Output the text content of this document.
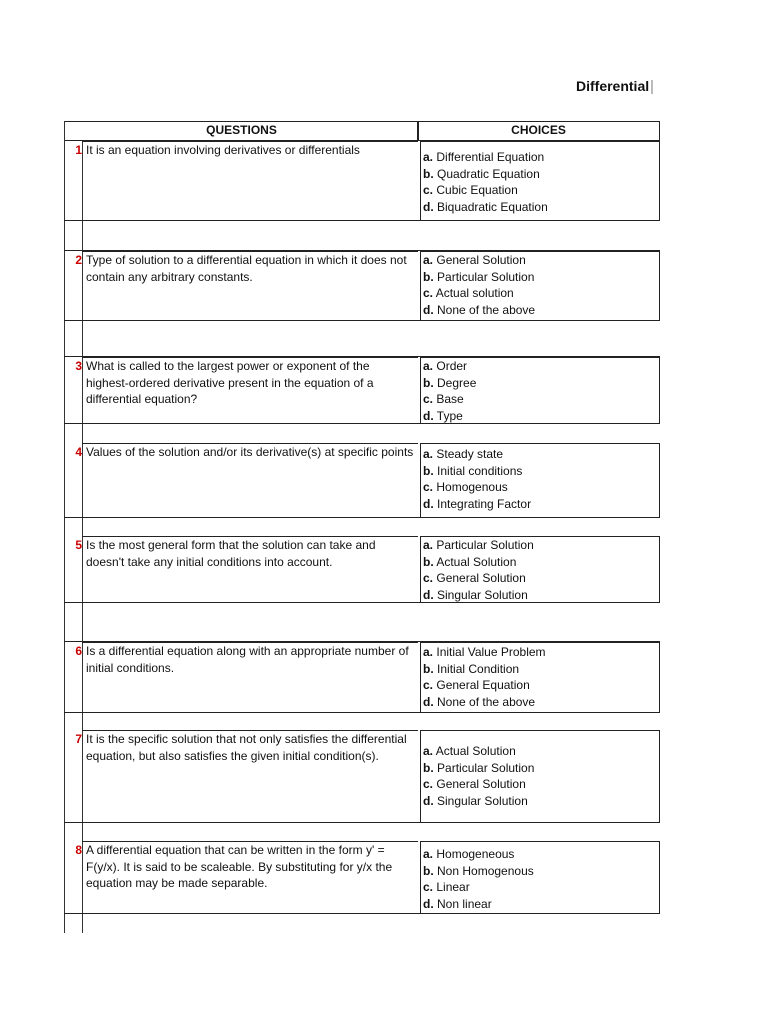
Differential
QUESTIONS	CHOICES
1 It is an equation involving derivatives or differentials	a. Differential Equation
b. Quadratic Equation
c. Cubic Equation
d. Biquadratic Equation
2 Type of solution to a differential equation in which it does not contain any arbitrary constants.
a. General Solution
b. Particular Solution
c. Actual solution
d. None of the above
3 What is called to the largest power or exponent of the highest-ordered derivative present in the equation of a differential equation?
a. Order
b. Degree
c. Base
d. Type
4 Values of the solution and/or its derivative(s) at specific points a. Steady state
b. Initial conditions
c. Homogenous
d. Integrating Factor
5 Is the most general form that the solution can take and doesn't take any initial conditions into account.
a. Particular Solution
b. Actual Solution
c. General Solution
d. Singular Solution
6 Is a differential equation along with an appropriate number of initial conditions.
a. Initial Value Problem
b. Initial Condition
c. General Equation
d. None of the above
7 It is the specific solution that not only satisfies the differential equation, but also satisfies the given initial condition(s).	a. Actual Solution
b. Particular Solution
c. General Solution
d. Singular Solution
8 A differential equation that can be written in the form y' = F(y/x). It is said to be scaleable. By substituting for y/x the equation may be made separable.
a. Homogeneous
b. Non Homogenous
c. Linear
d. Non linear
